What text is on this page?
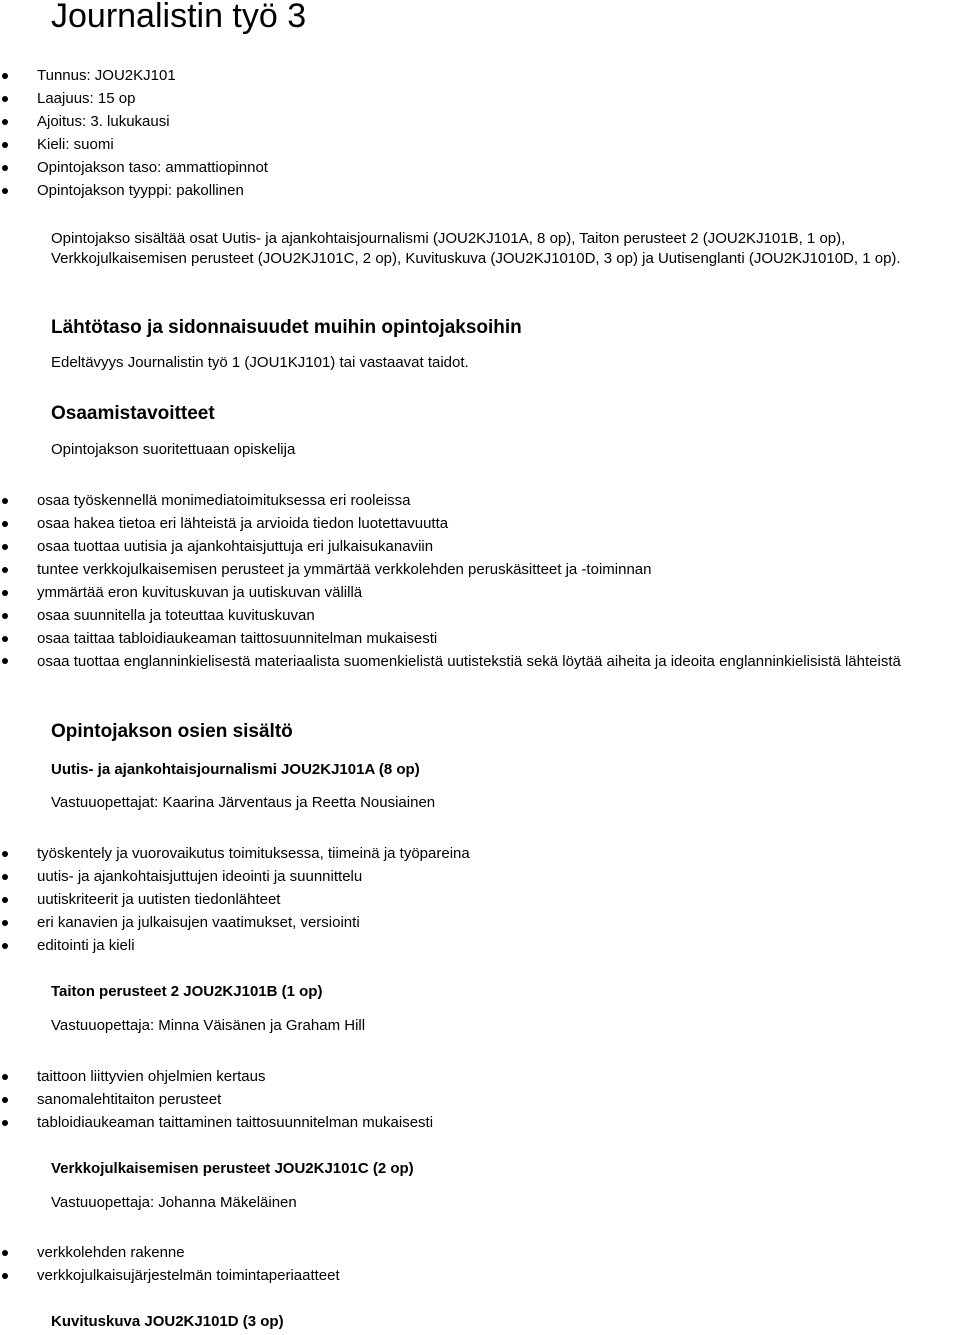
Journalistin työ 3
Tunnus: JOU2KJ101
Laajuus: 15 op
Ajoitus: 3. lukukausi
Kieli: suomi
Opintojakson taso: ammattiopinnot
Opintojakson tyyppi: pakollinen

Opintojakso sisältää osat Uutis- ja ajankohtaisjournalismi (JOU2KJ101A, 8 op), Taiton perusteet 2 (JOU2KJ101B, 1 op), Verkkojulkaisemisen perusteet (JOU2KJ101C, 2 op), Kuvituskuva (JOU2KJ1010D, 3 op) ja Uutisenglanti (JOU2KJ1010D, 1 op).

Lähtötaso ja sidonnaisuudet muihin opintojaksoihin

Edeltävyys Journalistin työ 1 (JOU1KJ101) tai vastaavat taidot.

Osaamistavoitteet

Opintojakson suoritettuaan opiskelija

osaa työskennellä monimediatoimituksessa eri rooleissa
osaa hakea tietoa eri lähteistä ja arvioida tiedon luotettavuutta
osaa tuottaa uutisia ja ajankohtaisjuttuja eri julkaisukanaviin
tuntee verkkojulkaisemisen perusteet ja ymmärtää verkkolehden peruskäsitteet ja -toiminnan
ymmärtää eron kuvituskuvan ja uutiskuvan välillä
osaa suunnitella ja toteuttaa kuvituskuvan
osaa taittaa tabloidiaukeaman taittosuunnitelman mukaisesti
osaa tuottaa englanninkielisestä materiaalista suomenkielistä uutistekstiä sekä löytää aiheita ja ideoita englanninkielisistä lähteistä
Opintojakson osien sisältö
Uutis- ja ajankohtaisjournalismi JOU2KJ101A (8 op)

Vastuuopettajat: Kaarina Järventaus ja Reetta Nousiainen

työskentely ja vuorovaikutus toimituksessa, tiimeinä ja työpareina
uutis- ja ajankohtaisjuttujen ideointi ja suunnittelu
uutiskriteerit ja uutisten tiedonlähteet
eri kanavien ja julkaisujen vaatimukset, versiointi
editointi ja kieli
Taiton perusteet 2 JOU2KJ101B (1 op)

Vastuuopettaja: Minna Väisänen ja Graham Hill

taittoon liittyvien ohjelmien kertaus
sanomalehtitaiton perusteet
tabloidiaukeaman taittaminen taittosuunnitelman mukaisesti
Verkkojulkaisemisen perusteet JOU2KJ101C (2 op)

Vastuuopettaja: Johanna Mäkeläinen

verkkolehden rakenne
verkkojulkaisujärjestelmän toimintaperiaatteet
Kuvituskuva JOU2KJ101D (3 op)
